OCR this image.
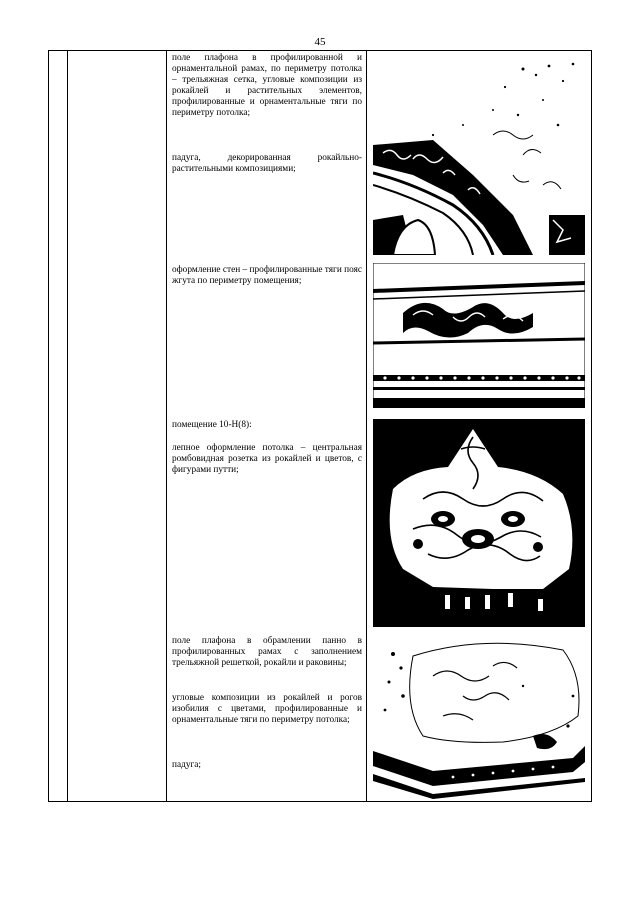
45

поле плафона в профилированной и орнаментальной рамах, по периметру потолка – трельяжная сетка, угловые композиции из рокайлей и растительных элементов, профилированные и орнаментальные тяги по периметру потолка;

падуга, декорированная рокайльно-растительными композициями;

оформление стен – профилированные тяги пояс жгута по периметру помещения;

помещение 10-Н(8):

лепное оформление потолка – центральная ромбовидная розетка из рокайлей и цветов, с фигурами путти;

поле плафона в обрамлении панно в профилированных рамах с заполнением трельяжной решеткой, рокайли и раковины;

угловые композиции из рокайлей и рогов изобилия с цветами, профилированные и орнаментальные тяги по периметру потолка;

падуга;
